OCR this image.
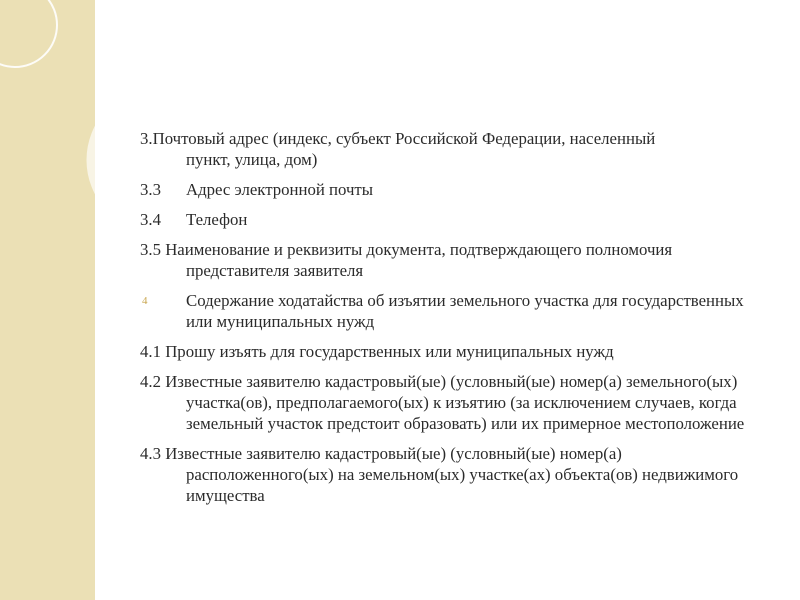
3.Почтовый адрес (индекс, субъект Российской Федерации, населенный
пункт, улица, дом)
3.3 Адрес электронной почты
3.4 Телефон
3.5 Наименование и реквизиты документа, подтверждающего полномочия представителя заявителя
4 Содержание ходатайства об изъятии земельного участка для государственных или муниципальных нужд
4.1 Прошу изъять для государственных или муниципальных нужд
4.2 Известные заявителю кадастровый(ые) (условный(ые) номер(а) земельного(ых) участка(ов), предполагаемого(ых) к изъятию (за исключением случаев, когда земельный участок предстоит образовать) или их примерное местоположение
4.3 Известные заявителю кадастровый(ые) (условный(ые) номер(а) расположенного(ых) на земельном(ых) участке(ах) объекта(ов) недвижимого имущества
